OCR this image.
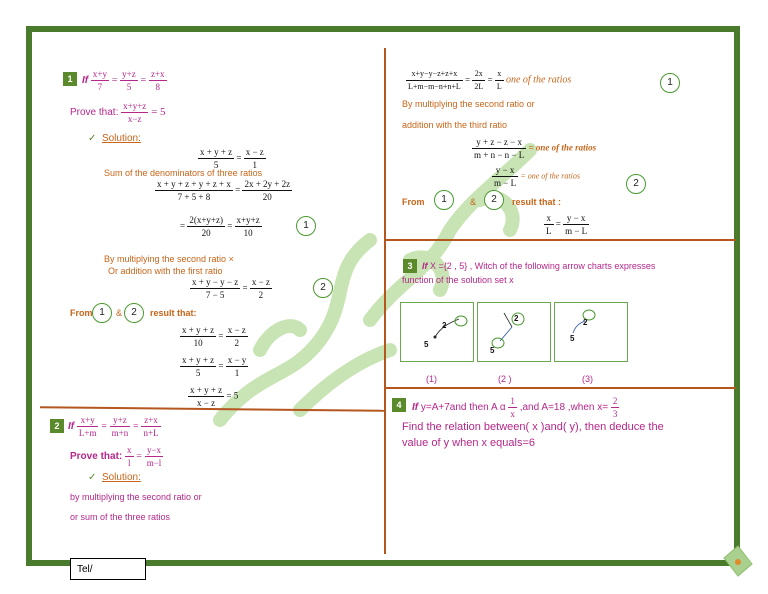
1 If $\frac{x+y}{7} = \frac{y+z}{5} = \frac{z+x}{8}$
Prove that: $\frac{x+y+z}{x-z} = 5$
✓ Solution:
$\frac{x + y + z}{5} = \frac{x - z}{1}$
Sum of the denominators of three ratios
$\frac{x + y + z + y + z + x}{7 + 5 + 8} = \frac{2x + 2y + 2z}{20}$
= $\frac{2(x+y+z)}{20} = \frac{x+y+z}{10}$	1
By multiplying the second ratio ×
Or addition with the first ratio
$\frac{x + y - y - z}{7 - 5} = \frac{x - z}{2}$	2
From 1	& 2	result that:
$\frac{x + y + z}{10} = \frac{x - z}{2}$
$\frac{x + y + z}{5} = \frac{x - y}{1}$
$\frac{x + y + z}{x - z} = 5$
2 If $\frac{x+y}{L+m} = \frac{y+z}{m+n} = \frac{z+x}{n+L}$
Prove that: $\frac{x}{l} = \frac{y-x}{m-l}$
✓ Solution:
by multiplying the second ratio or
or sum of the three ratios
$\frac{x+y-y-z+z+x}{L+m-m-n+n+L} = \frac{2x}{2L} = \frac{x}{L}$ one of the ratios	1
By multiplying the second ratio or
addition with the third ratio
$\frac{y + z - z - x}{m + n - n - L}$ = one of the ratios
$\frac{y - x}{m - L}$ = one of the ratios
2
From	1	&	2	result that :
$\frac{x}{L} = \frac{y - x}{m - L}$
3	If X ={2 , 5} , Witch of the following arrow charts expresses
function of the solution set x
2
5
2
5
2
5
(1)	(2 )	(3)
4	If y=A+7and then A α $\frac{1}{x} ,and$ A=18 ,when $x= \frac{2}{3}$
Find the relation between( x )and( y), then deduce the
value of y when x equals=6
Tel/
